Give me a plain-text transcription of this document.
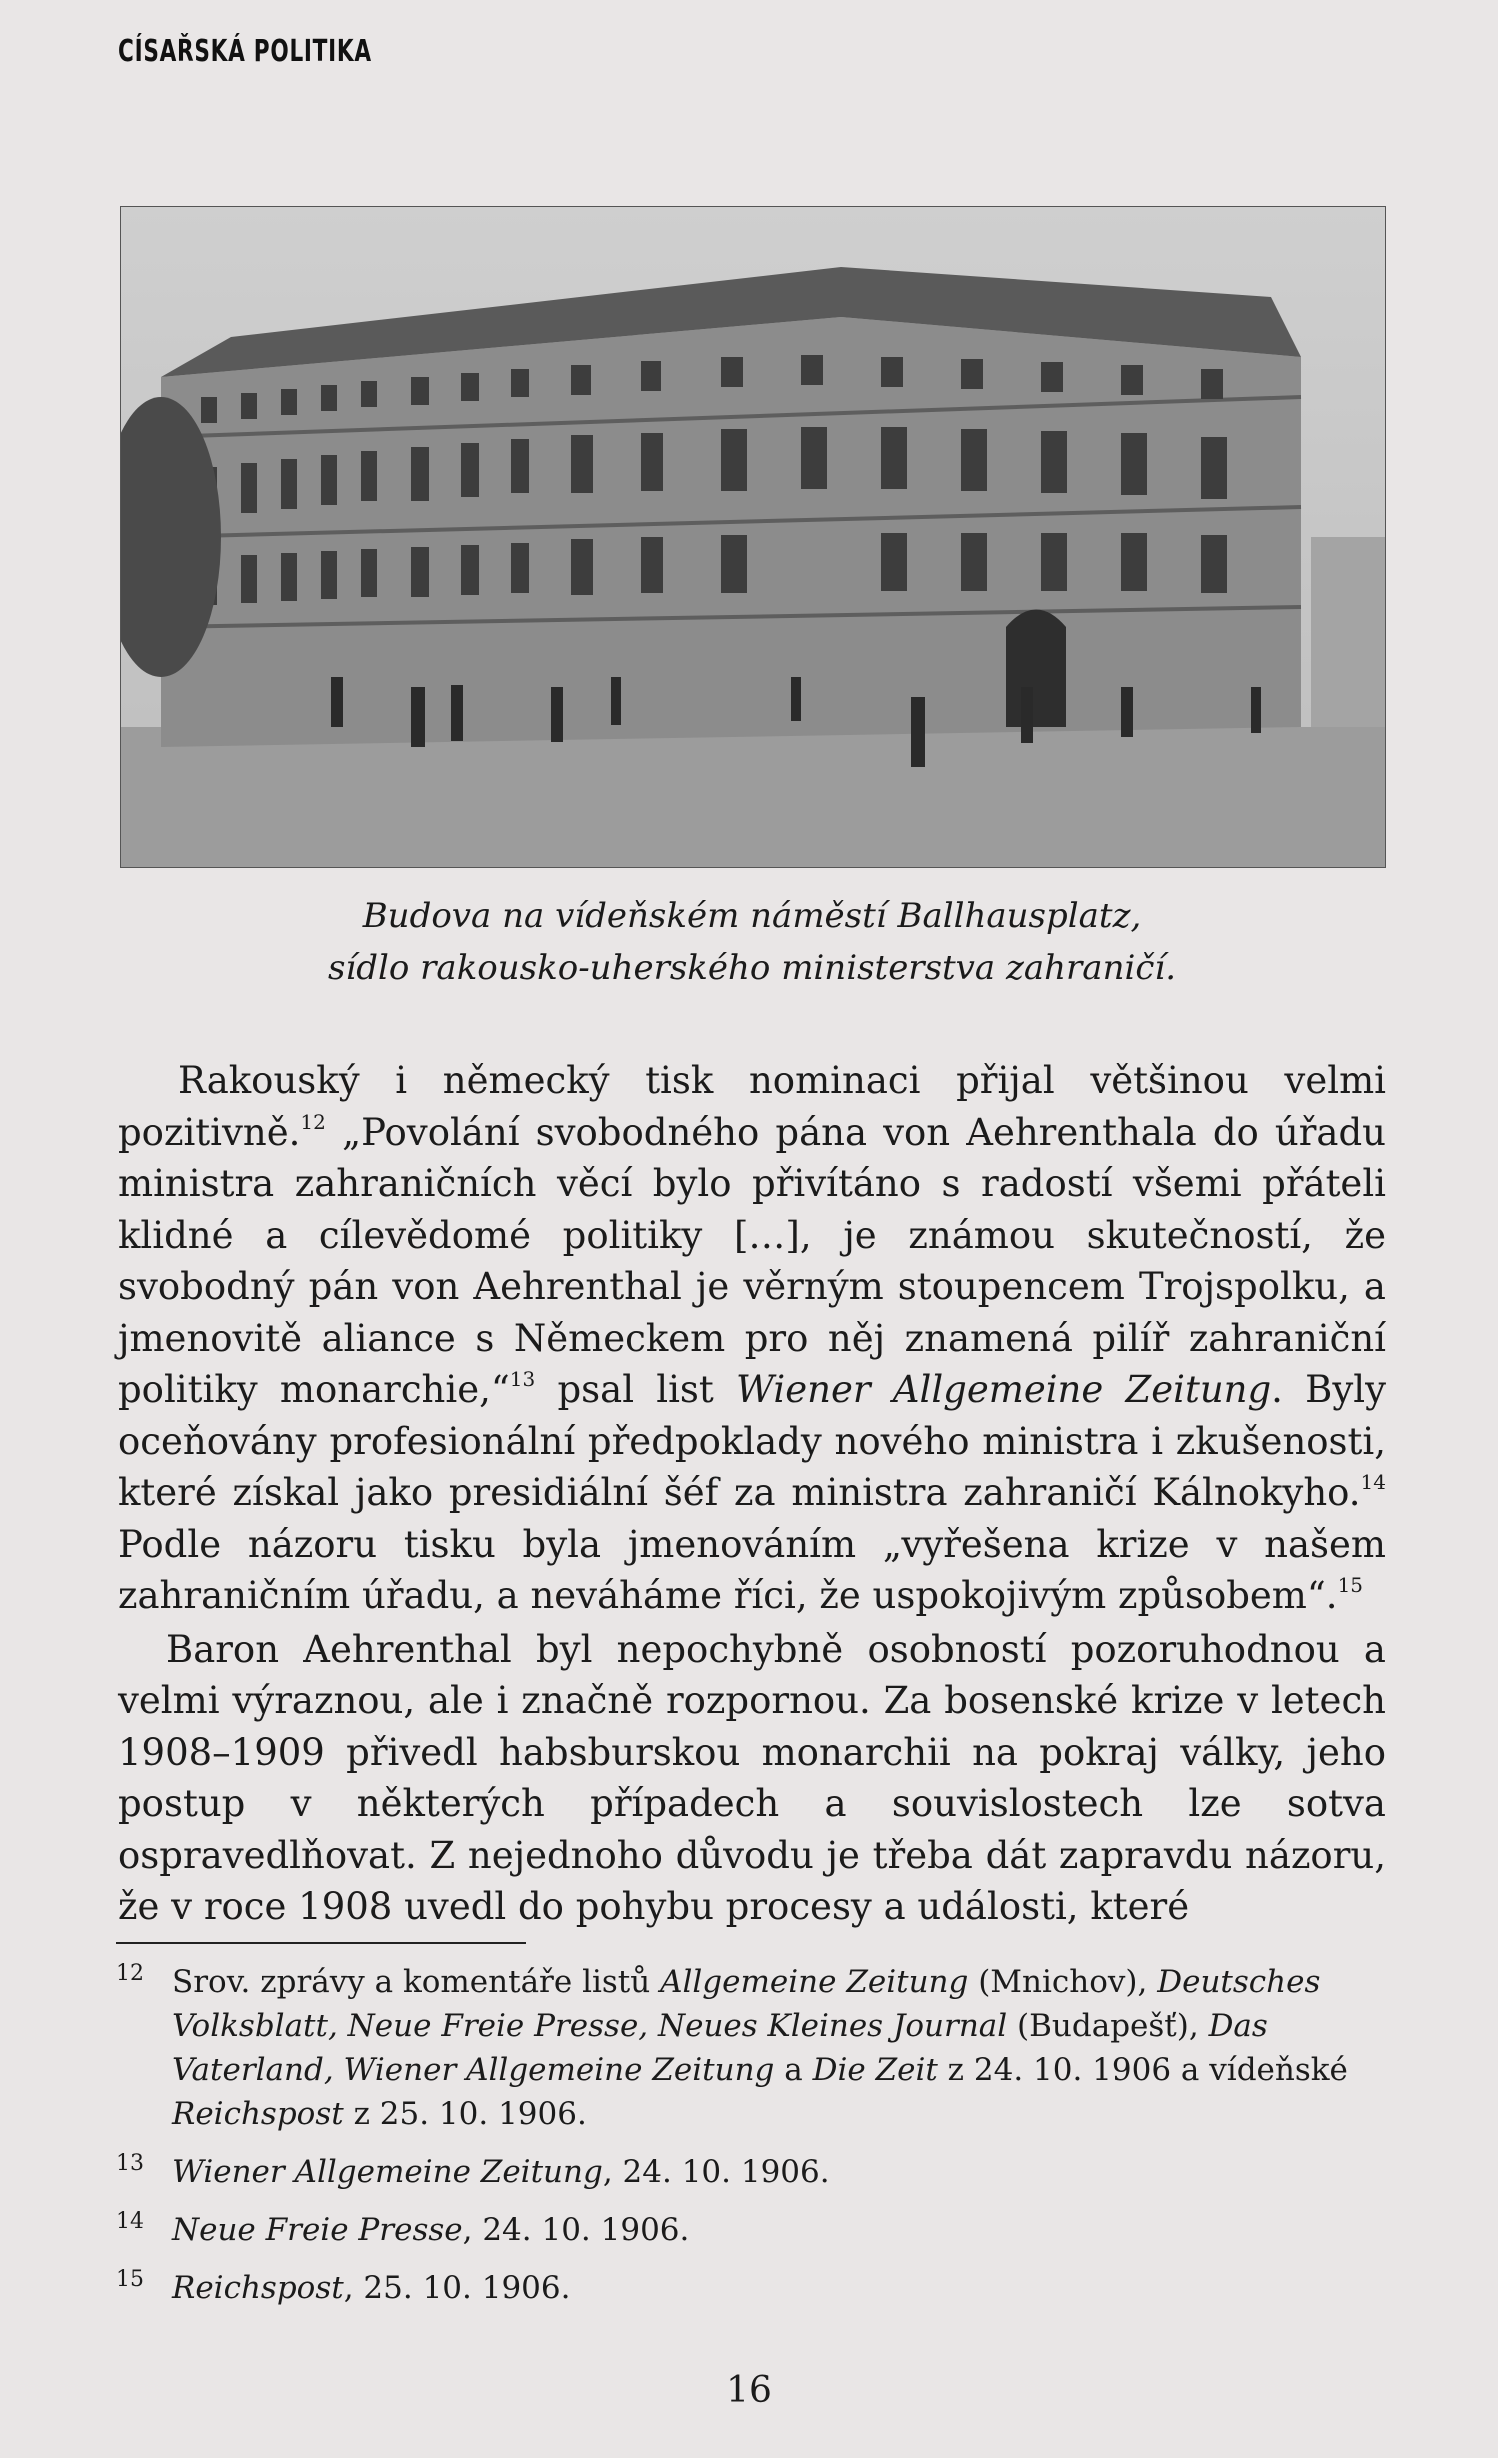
CÍSAŘSKÁ POLITIKA
Budova na vídeňském náměstí Ballhausplatz,
sídlo rakousko-uherského ministerstva zahraničí.

Rakouský i německý tisk nominaci přijal většinou velmi pozitivně.$^{12}$ „Povolání svobodného pána von Aehrenthala do úřadu ministra zahraničních věcí bylo přivítáno s radostí všemi přáteli klidné a cílevědomé politiky […], je známou skutečností, že svobodný pán von Aehrenthal je věrným stoupencem Trojspolku, a jmenovitě aliance s Německem pro něj znamená pilíř zahraniční politiky monarchie,“$^{13}$ psal list Wiener Allgemeine Zeitung. Byly oceňovány profesionální předpoklady nového ministra i zkušenosti, které získal jako presidiální šéf za ministra zahraničí Kálnokyho.$^{14}$ Podle názoru tisku byla jmenováním „vyřešena krize v našem zahraničním úřadu, a neváháme říci, že uspokojivým způsobem“.$^{15}$

Baron Aehrenthal byl nepochybně osobností pozoruhodnou a velmi výraznou, ale i značně rozpornou. Za bosenské krize v letech 1908–1909 přivedl habsburskou monarchii na pokraj války, jeho postup v některých případech a souvislostech lze sotva ospravedlňovat. Z nejednoho důvodu je třeba dát zapravdu názoru, že v roce 1908 uvedl do pohybu procesy a události, které

12 Srov. zprávy a komentáře listů Allgemeine Zeitung (Mnichov), Deutsches Volksblatt, Neue Freie Presse, Neues Kleines Journal (Budapešť), Das Vaterland, Wiener Allgemeine Zeitung a Die Zeit z 24. 10. 1906 a vídeňské Reichspost z 25. 10. 1906.
13 Wiener Allgemeine Zeitung, 24. 10. 1906.
14 Neue Freie Presse, 24. 10. 1906.
15 Reichspost, 25. 10. 1906.
16
